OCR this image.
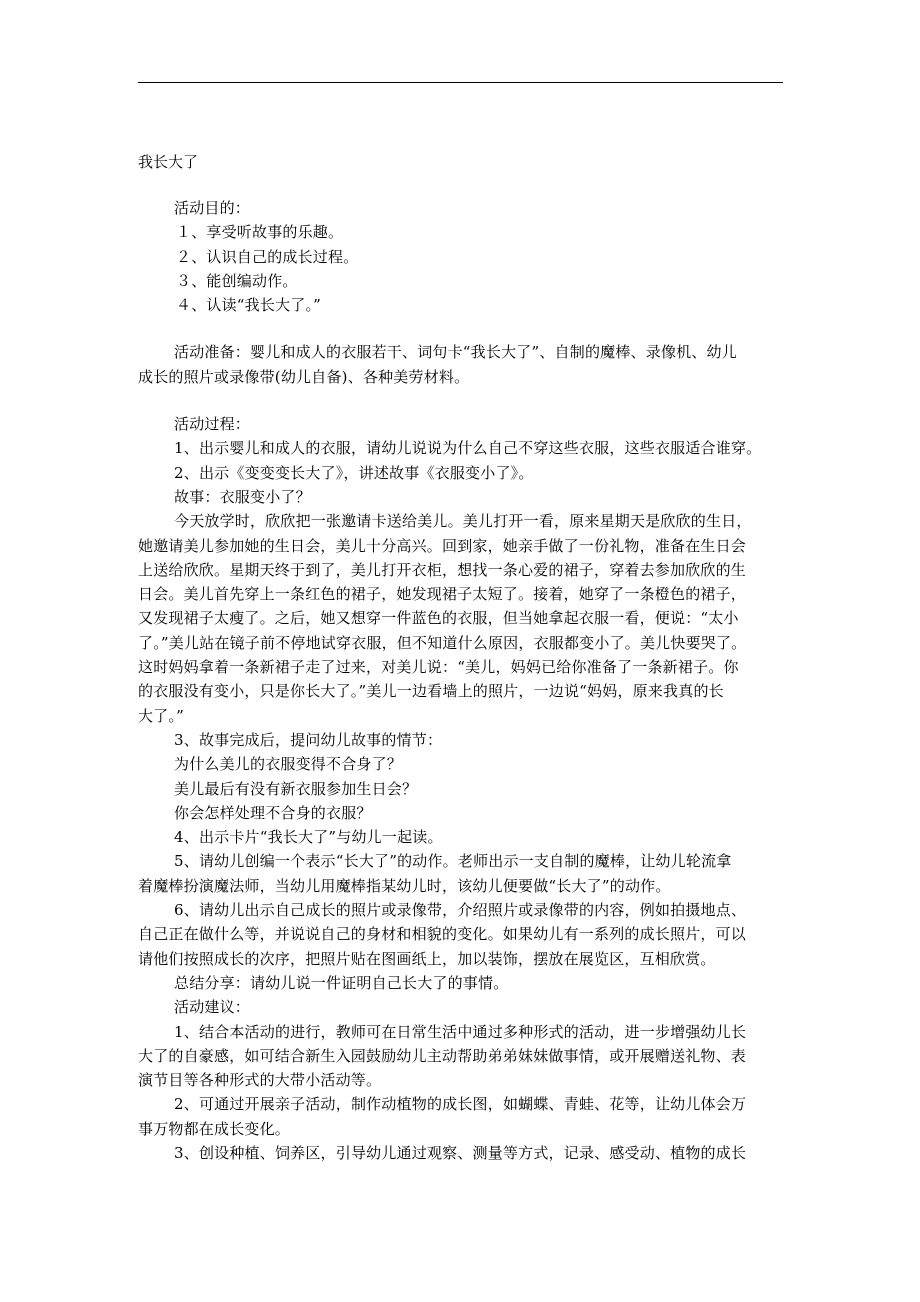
我长大了
活动目的：
１、享受听故事的乐趣。
２、认识自己的成长过程。
３、能创编动作。
４、认读“我长大了。”
活动准备：婴儿和成人的衣服若干、词句卡“我长大了”、自制的魔棒、录像机、幼儿
成长的照片或录像带(幼儿自备)、各种美劳材料。
活动过程：
1、出示婴儿和成人的衣服，请幼儿说说为什么自己不穿这些衣服，这些衣服适合谁穿。
2、出示《变变变长大了》，讲述故事《衣服变小了》。
故事：衣服变小了？
今天放学时，欣欣把一张邀请卡送给美儿。美儿打开一看，原来星期天是欣欣的生日，
她邀请美儿参加她的生日会，美儿十分高兴。回到家，她亲手做了一份礼物，准备在生日会
上送给欣欣。星期天终于到了，美儿打开衣柜，想找一条心爱的裙子，穿着去参加欣欣的生
日会。美儿首先穿上一条红色的裙子，她发现裙子太短了。接着，她穿了一条橙色的裙子，
又发现裙子太瘦了。之后，她又想穿一件蓝色的衣服，但当她拿起衣服一看，便说：“太小
了。”美儿站在镜子前不停地试穿衣服，但不知道什么原因，衣服都变小了。美儿快要哭了。
这时妈妈拿着一条新裙子走了过来，对美儿说：“美儿，妈妈已给你准备了一条新裙子。你
的衣服没有变小，只是你长大了。”美儿一边看墙上的照片，一边说“妈妈，原来我真的长
大了。”
3、故事完成后，提问幼儿故事的情节：
为什么美儿的衣服变得不合身了？
美儿最后有没有新衣服参加生日会？
你会怎样处理不合身的衣服？
4、出示卡片“我长大了”与幼儿一起读。
5、请幼儿创编一个表示“长大了”的动作。老师出示一支自制的魔棒，让幼儿轮流拿
着魔棒扮演魔法师，当幼儿用魔棒指某幼儿时，该幼儿便要做“长大了”的动作。
6、请幼儿出示自己成长的照片或录像带，介绍照片或录像带的内容，例如拍摄地点、
自己正在做什么等，并说说自己的身材和相貌的变化。如果幼儿有一系列的成长照片，可以
请他们按照成长的次序，把照片贴在图画纸上，加以装饰，摆放在展览区，互相欣赏。
总结分享：请幼儿说一件证明自己长大了的事情。
活动建议：
1、结合本活动的进行，教师可在日常生活中通过多种形式的活动，进一步增强幼儿长
大了的自豪感，如可结合新生入园鼓励幼儿主动帮助弟弟妹妹做事情，或开展赠送礼物、表
演节目等各种形式的大带小活动等。
2、可通过开展亲子活动，制作动植物的成长图，如蝴蝶、青蛙、花等，让幼儿体会万
事万物都在成长变化。
3、创设种植、饲养区，引导幼儿通过观察、测量等方式，记录、感受动、植物的成长
